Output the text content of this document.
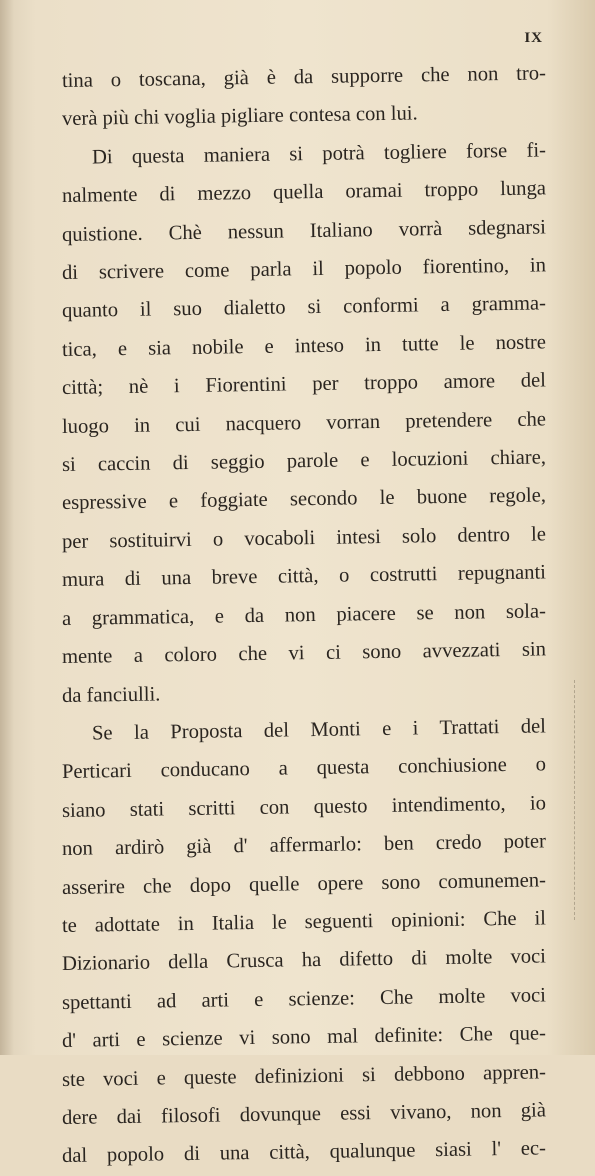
IX
tina o toscana, già è da supporre che non tro-
verà più chi voglia pigliare contesa con lui.
Di questa maniera si potrà togliere forse fi-
nalmente di mezzo quella oramai troppo lunga
quistione. Chè nessun Italiano vorrà sdegnarsi
di scrivere come parla il popolo fiorentino, in
quanto il suo dialetto si conformi a gramma-
tica, e sia nobile e inteso in tutte le nostre
città; nè i Fiorentini per troppo amore del
luogo in cui nacquero vorran pretendere che
si caccin di seggio parole e locuzioni chiare,
espressive e foggiate secondo le buone regole,
per sostituirvi o vocaboli intesi solo dentro le
mura di una breve città, o costrutti repugnanti
a grammatica, e da non piacere se non sola-
mente a coloro che vi ci sono avvezzati sin
da fanciulli.
Se la Proposta del Monti e i Trattati del
Perticari conducano a questa conchiusione o
siano stati scritti con questo intendimento, io
non ardirò già d' affermarlo: ben credo poter
asserire che dopo quelle opere sono comunemen-
te adottate in Italia le seguenti opinioni: Che il
Dizionario della Crusca ha difetto di molte voci
spettanti ad arti e scienze: Che molte voci
d' arti e scienze vi sono mal definite: Che que-
ste voci e queste definizioni si debbono appren-
dere dai filosofi dovunque essi vivano, non già
dal popolo di una città, qualunque siasi l' ec-
